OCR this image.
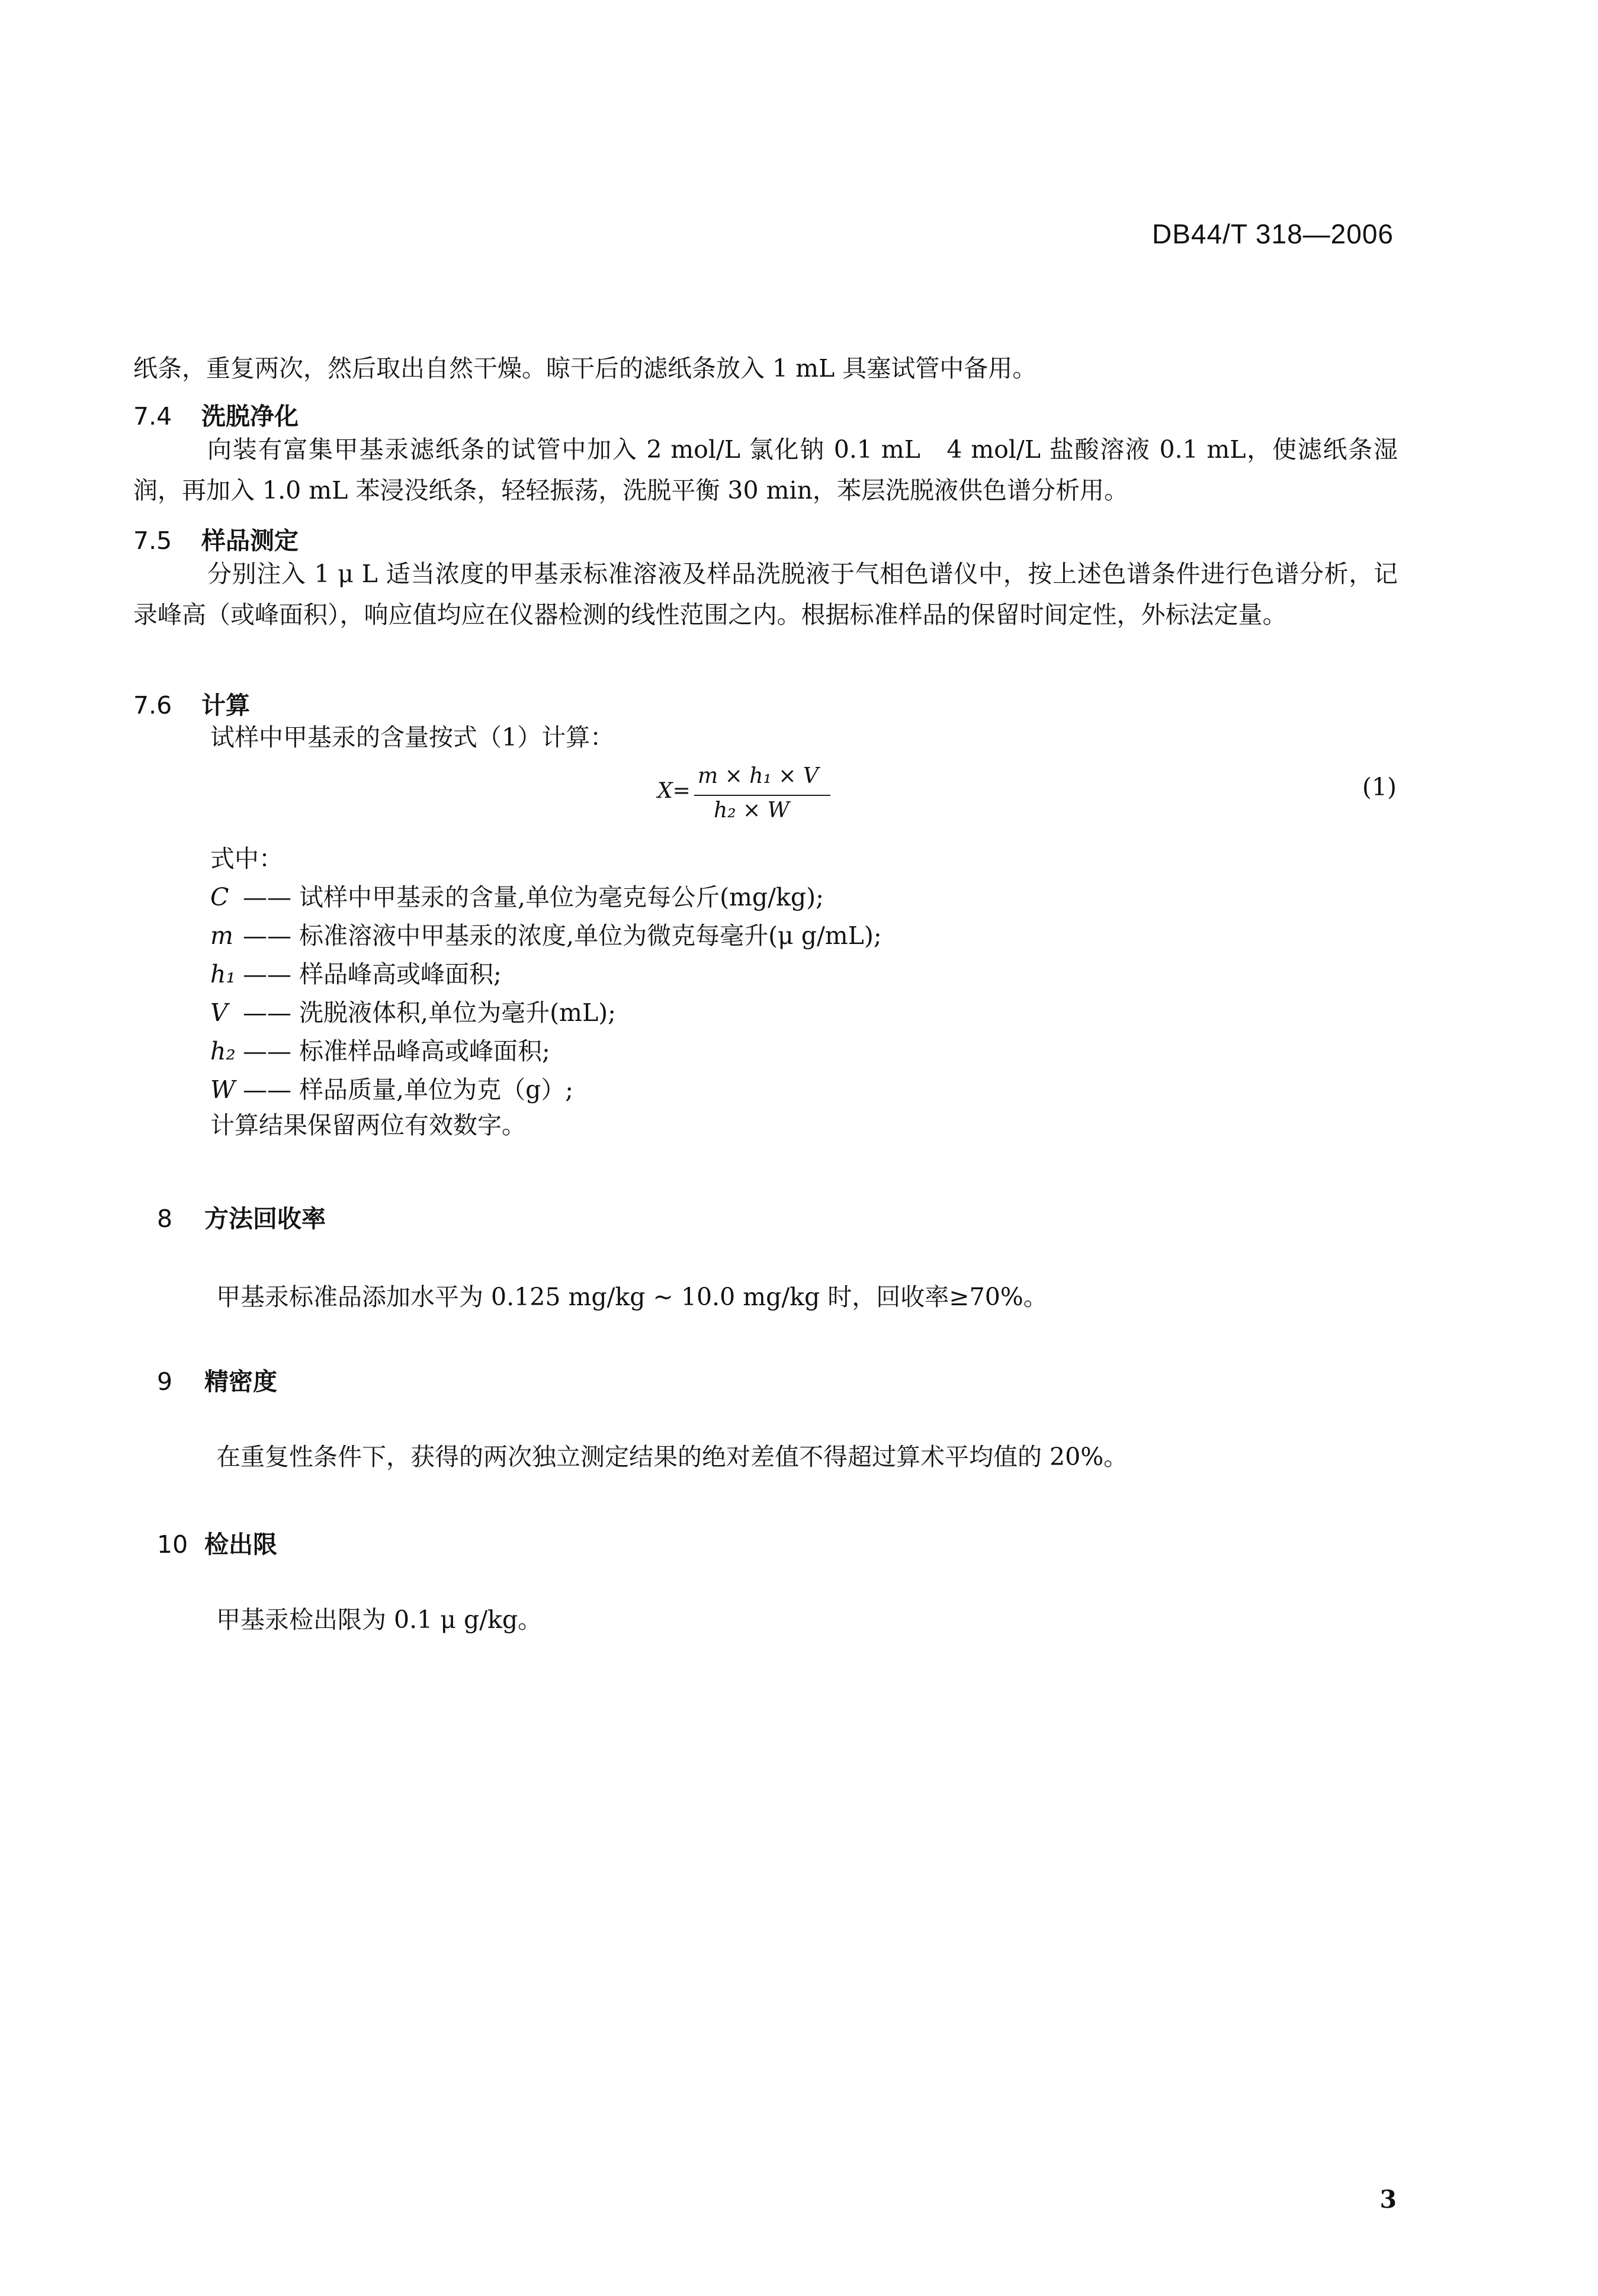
DB44/T 318—2006
纸条，重复两次，然后取出自然干燥。晾干后的滤纸条放入 1 mL 具塞试管中备用。
7.4 洗脱净化
向装有富集甲基汞滤纸条的试管中加入 2 mol/L 氯化钠 0.1 mL　4 mol/L 盐酸溶液 0.1 mL，使滤纸条湿润，再加入 1.0 mL 苯浸没纸条，轻轻振荡，洗脱平衡 30 min，苯层洗脱液供色谱分析用。
7.5 样品测定
分别注入 1 μ L 适当浓度的甲基汞标准溶液及样品洗脱液于气相色谱仪中，按上述色谱条件进行色谱分析，记录峰高（或峰面积），响应值均应在仪器检测的线性范围之内。根据标准样品的保留时间定性，外标法定量。
7.6 计算
试样中甲基汞的含量按式（1）计算：
X=
m × h₁ × V
h₂ × W
(1)
式中：
C —— 试样中甲基汞的含量,单位为毫克每公斤(mg/kg);
m —— 标准溶液中甲基汞的浓度,单位为微克每毫升(μ g/mL);
h₁ —— 样品峰高或峰面积;
V —— 洗脱液体积,单位为毫升(mL);
h₂ —— 标准样品峰高或峰面积;
W —— 样品质量,单位为克（g）;
计算结果保留两位有效数字。
8 方法回收率
甲基汞标准品添加水平为 0.125 mg/kg ~ 10.0 mg/kg 时，回收率≥70%。
9 精密度
在重复性条件下，获得的两次独立测定结果的绝对差值不得超过算术平均值的 20%。
10 检出限
甲基汞检出限为 0.1 μ g/kg。
3
